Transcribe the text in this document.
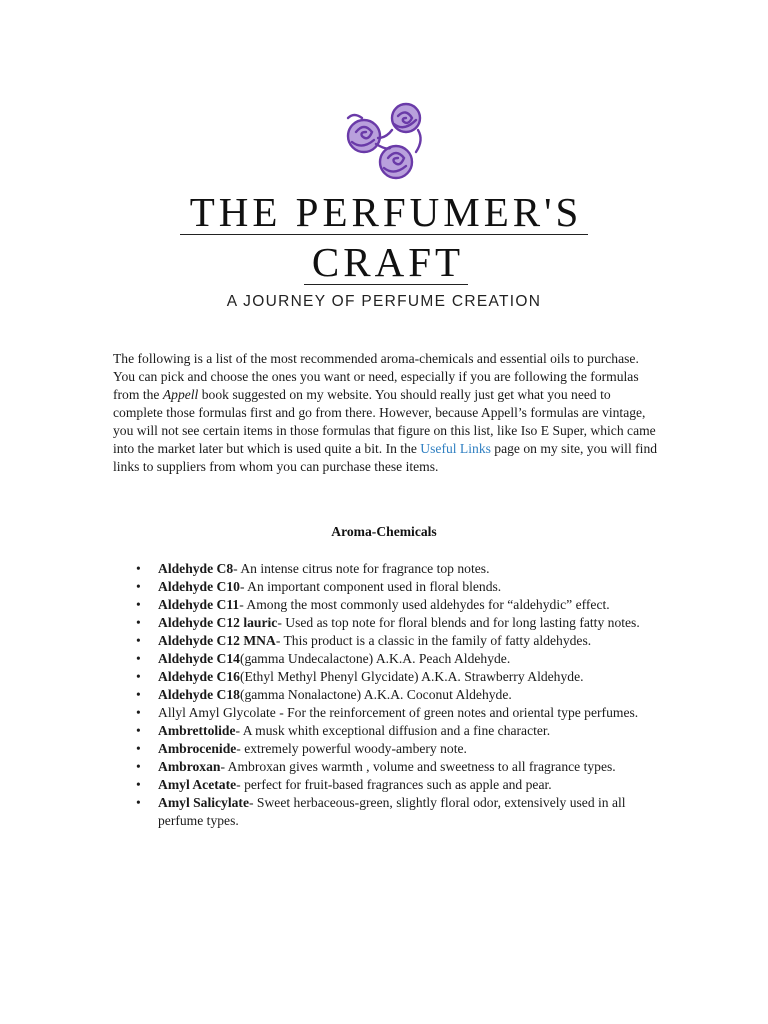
THE PERFUMER'S
CRAFT
A JOURNEY OF PERFUME CREATION

The following is a list of the most recommended aroma-chemicals and essential oils to purchase. You can pick and choose the ones you want or need, especially if you are following the formulas from the Appell book suggested on my website. You should really just get what you need to complete those formulas first and go from there. However, because Appell’s formulas are vintage, you will not see certain items in those formulas that figure on this list, like Iso E Super, which came into the market later but which is used quite a bit. In the Useful Links page on my site, you will find links to suppliers from whom you can purchase these items.

Aroma-Chemicals
• Aldehyde C8- An intense citrus note for fragrance top notes.
• Aldehyde C10- An important component used in floral blends.
• Aldehyde C11- Among the most commonly used aldehydes for “aldehydic” effect.
• Aldehyde C12 lauric- Used as top note for floral blends and for long lasting fatty notes.
• Aldehyde C12 MNA- This product is a classic in the family of fatty aldehydes.
• Aldehyde C14(gamma Undecalactone) A.K.A. Peach Aldehyde.
• Aldehyde C16(Ethyl Methyl Phenyl Glycidate) A.K.A. Strawberry Aldehyde.
• Aldehyde C18(gamma Nonalactone) A.K.A. Coconut Aldehyde.
• Allyl Amyl Glycolate - For the reinforcement of green notes and oriental type perfumes.
• Ambrettolide- A musk whith exceptional diffusion and a fine character.
• Ambrocenide- extremely powerful woody-ambery note.
• Ambroxan- Ambroxan gives warmth , volume and sweetness to all fragrance types.
• Amyl Acetate- perfect for fruit-based fragrances such as apple and pear.
• Amyl Salicylate- Sweet herbaceous-green, slightly floral odor, extensively used in all perfume types.
